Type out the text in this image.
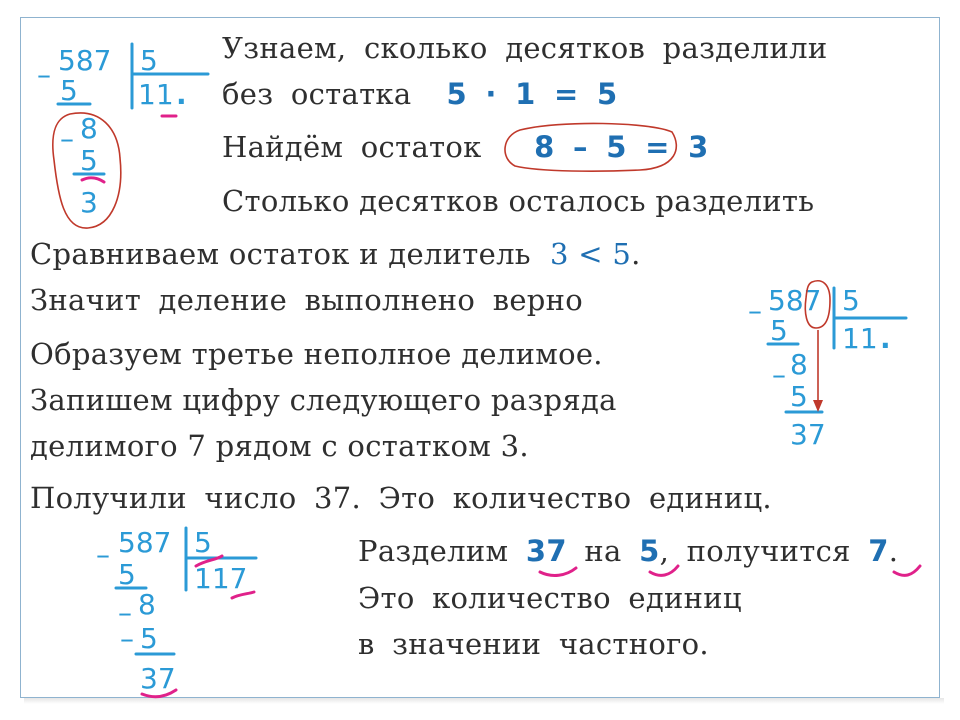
Узнаем, сколько десятков разделили
без остатка 5 · 1 = 5
Найдём остаток 8 – 5 = 3
Столько десятков осталось разделить
Сравниваем остаток и делитель 3 < 5.
Значит деление выполнено верно
Образуем третье неполное делимое.
Запишем цифру следующего разряда
делимого 7 рядом с остатком 3.
Получили число 37. Это количество единиц.
Разделим 37 на 5, получится 7.
Это количество единиц
в значении частного.
– 587 5
5 11 .
– 8
5
3
– 587 5
5 11 .
– 8
5
37
– 587 5
5 117
– 8
– 5
37
